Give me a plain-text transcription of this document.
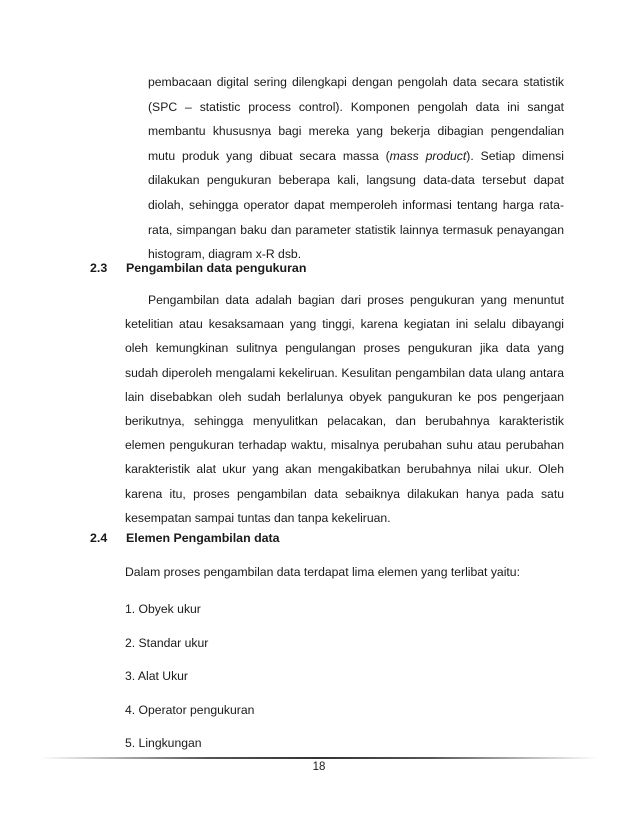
pembacaan digital sering dilengkapi dengan pengolah data secara statistik (SPC – statistic process control). Komponen pengolah data ini sangat membantu khususnya bagi mereka yang bekerja dibagian pengendalian mutu produk yang dibuat secara massa (mass product). Setiap dimensi dilakukan pengukuran beberapa kali, langsung data-data tersebut dapat diolah, sehingga operator dapat memperoleh informasi tentang harga rata-rata, simpangan baku dan parameter statistik lainnya termasuk penayangan histogram, diagram x-R dsb.

2.3 Pengambilan data pengukuran

Pengambilan data adalah bagian dari proses pengukuran yang menuntut ketelitian atau kesaksamaan yang tinggi, karena kegiatan ini selalu dibayangi oleh kemungkinan sulitnya pengulangan proses pengukuran jika data yang sudah diperoleh mengalami kekeliruan. Kesulitan pengambilan data ulang antara lain disebabkan oleh sudah berlalunya obyek pangukuran ke pos pengerjaan berikutnya, sehingga menyulitkan pelacakan, dan berubahnya karakteristik elemen pengukuran terhadap waktu, misalnya perubahan suhu atau perubahan karakteristik alat ukur yang akan mengakibatkan berubahnya nilai ukur. Oleh karena itu, proses pengambilan data sebaiknya dilakukan hanya pada satu kesempatan sampai tuntas dan tanpa kekeliruan.

2.4 Elemen Pengambilan data

Dalam proses pengambilan data terdapat lima elemen yang terlibat yaitu:

1. Obyek ukur
2. Standar ukur
3. Alat Ukur
4. Operator pengukuran
5. Lingkungan

18
